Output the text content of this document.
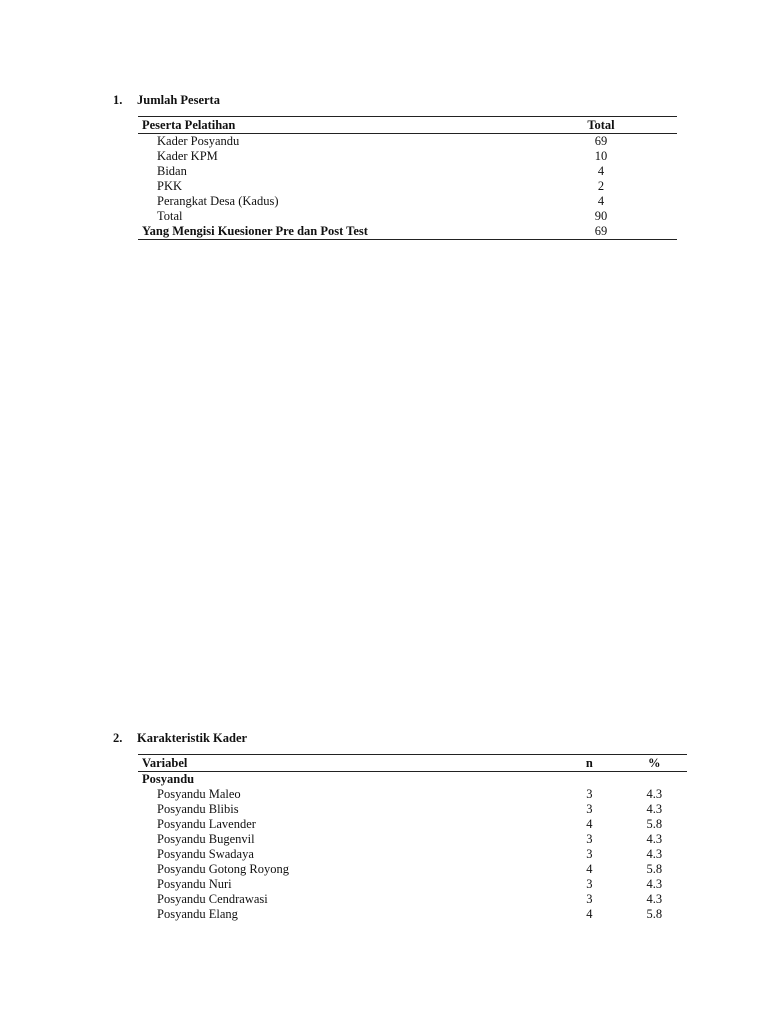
1. Jumlah Peserta
Peserta Pelatihan	Total	
Kader Posyandu	69	
Kader KPM	10	
Bidan	4	
PKK	2	
Perangkat Desa (Kadus)	4	
Total	90	
Yang Mengisi Kuesioner Pre dan Post Test	69	
2. Karakteristik Kader
Variabel	n	%
Posyandu		
Posyandu Maleo	3	4.3
Posyandu Blibis	3	4.3
Posyandu Lavender	4	5.8
Posyandu Bugenvil	3	4.3
Posyandu Swadaya	3	4.3
Posyandu Gotong Royong	4	5.8
Posyandu Nuri	3	4.3
Posyandu Cendrawasi	3	4.3
Posyandu Elang	4	5.8
